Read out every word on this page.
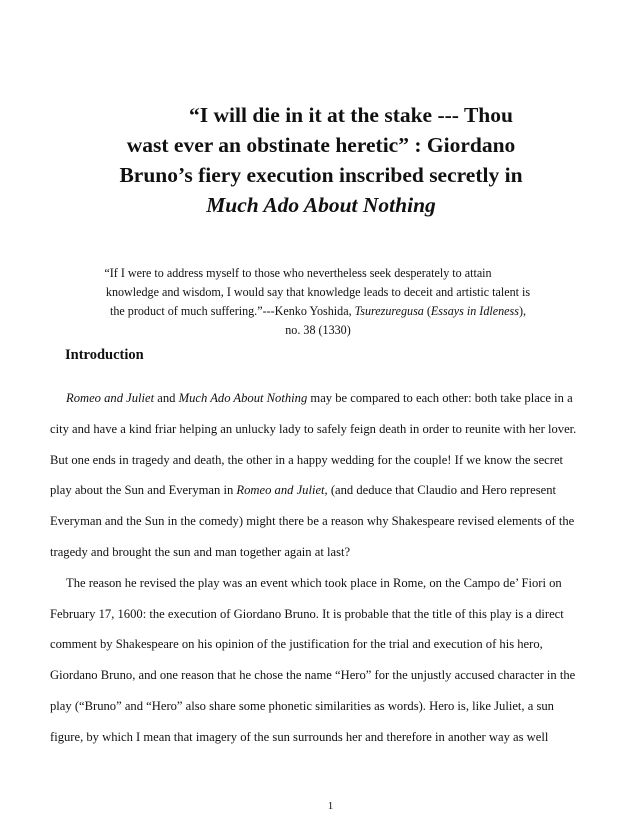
“I will die in it at the stake --- Thou
wast ever an obstinate heretic” : Giordano
Bruno’s fiery execution inscribed secretly in
Much Ado About Nothing
“If I were to address myself to those who nevertheless seek desperately to attain
knowledge and wisdom, I would say that knowledge leads to deceit and artistic talent is
the product of much suffering.”---Kenko Yoshida, Tsurezuregusa (Essays in Idleness),
no. 38 (1330)
Introduction
Romeo and Juliet and Much Ado About Nothing may be compared to each other: both take place in a
city and have a kind friar helping an unlucky lady to safely feign death in order to reunite with her lover.
But one ends in tragedy and death, the other in a happy wedding for the couple! If we know the secret
play about the Sun and Everyman in Romeo and Juliet, (and deduce that Claudio and Hero represent
Everyman and the Sun in the comedy) might there be a reason why Shakespeare revised elements of the
tragedy and brought the sun and man together again at last?
The reason he revised the play was an event which took place in Rome, on the Campo de’ Fiori on
February 17, 1600: the execution of Giordano Bruno. It is probable that the title of this play is a direct
comment by Shakespeare on his opinion of the justification for the trial and execution of his hero,
Giordano Bruno, and one reason that he chose the name “Hero” for the unjustly accused character in the
play (“Bruno” and “Hero” also share some phonetic similarities as words). Hero is, like Juliet, a sun
figure, by which I mean that imagery of the sun surrounds her and therefore in another way as well
1
